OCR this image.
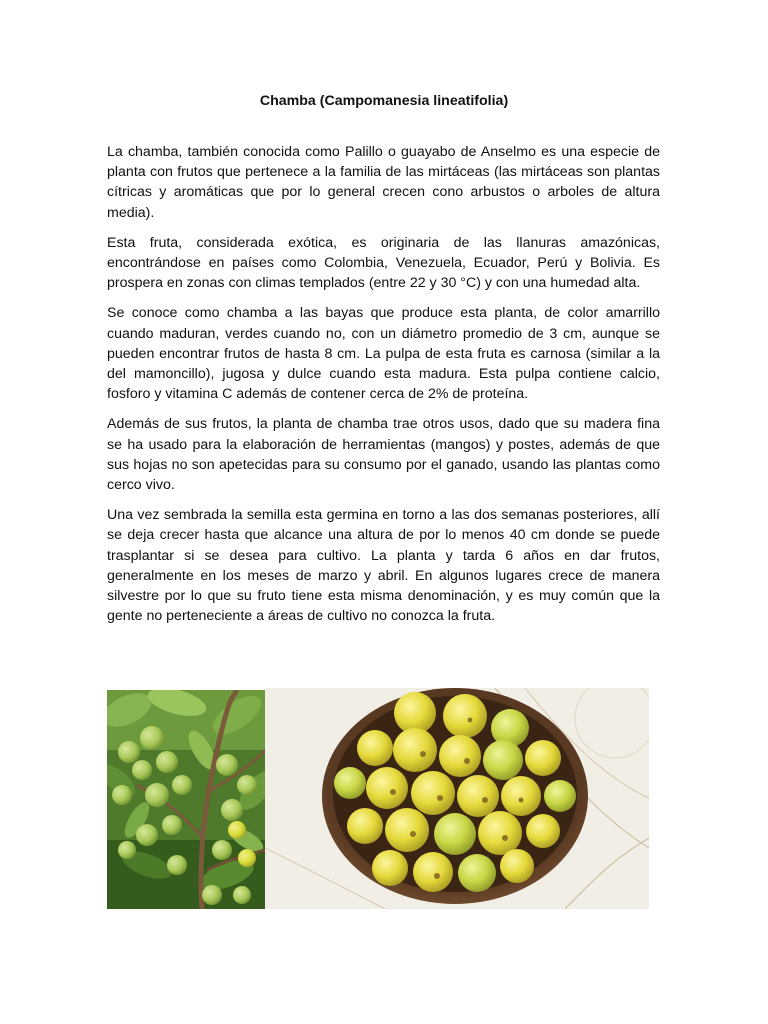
Chamba (Campomanesia lineatifolia)

La chamba, también conocida como Palillo o guayabo de Anselmo es una especie de planta con frutos que pertenece a la familia de las mirtáceas (las mirtáceas son plantas cítricas y aromáticas que por lo general crecen cono arbustos o arboles de altura media).

Esta fruta, considerada exótica, es originaria de las llanuras amazónicas, encontrándose en países como Colombia, Venezuela, Ecuador, Perú y Bolivia. Es prospera en zonas con climas templados (entre 22 y 30 °C) y con una humedad alta.

Se conoce como chamba a las bayas que produce esta planta, de color amarrillo cuando maduran, verdes cuando no, con un diámetro promedio de 3 cm, aunque se pueden encontrar frutos de hasta 8 cm. La pulpa de esta fruta es carnosa (similar a la del mamoncillo), jugosa y dulce cuando esta madura. Esta pulpa contiene calcio, fosforo y vitamina C además de contener cerca de 2% de proteína.

Además de sus frutos, la planta de chamba trae otros usos, dado que su madera fina se ha usado para la elaboración de herramientas (mangos) y postes, además de que sus hojas no son apetecidas para su consumo por el ganado, usando las plantas como cerco vivo.

Una vez sembrada la semilla esta germina en torno a las dos semanas posteriores, allí se deja crecer hasta que alcance una altura de por lo menos 40 cm donde se puede trasplantar si se desea para cultivo. La planta y tarda 6 años en dar frutos, generalmente en los meses de marzo y abril. En algunos lugares crece de manera silvestre por lo que su fruto tiene esta misma denominación, y es muy común que la gente no perteneciente a áreas de cultivo no conozca la fruta.
